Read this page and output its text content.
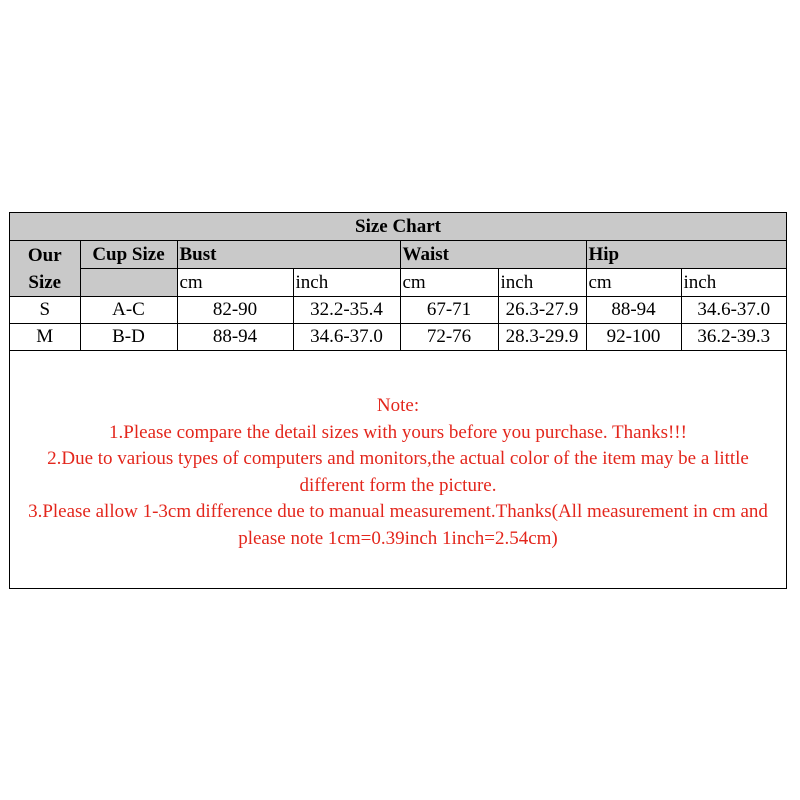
Size Chart							
Our Size	Cup Size	Bust		Waist		Hip	
		cm	inch	cm	inch	cm	inch
S	A-C	82-90	32.2-35.4	67-71	26.3-27.9	88-94	34.6-37.0
M	B-D	88-94	34.6-37.0	72-76	28.3-29.9	92-100	36.2-39.3

Note:

1.Please compare the detail sizes with yours before you purchase. Thanks!!!

2.Due to various types of computers and monitors,the actual color of the item may be a little different form the picture.

3.Please allow 1-3cm difference due to manual measurement.Thanks(All measurement in cm and please note 1cm=0.39inch 1inch=2.54cm)
